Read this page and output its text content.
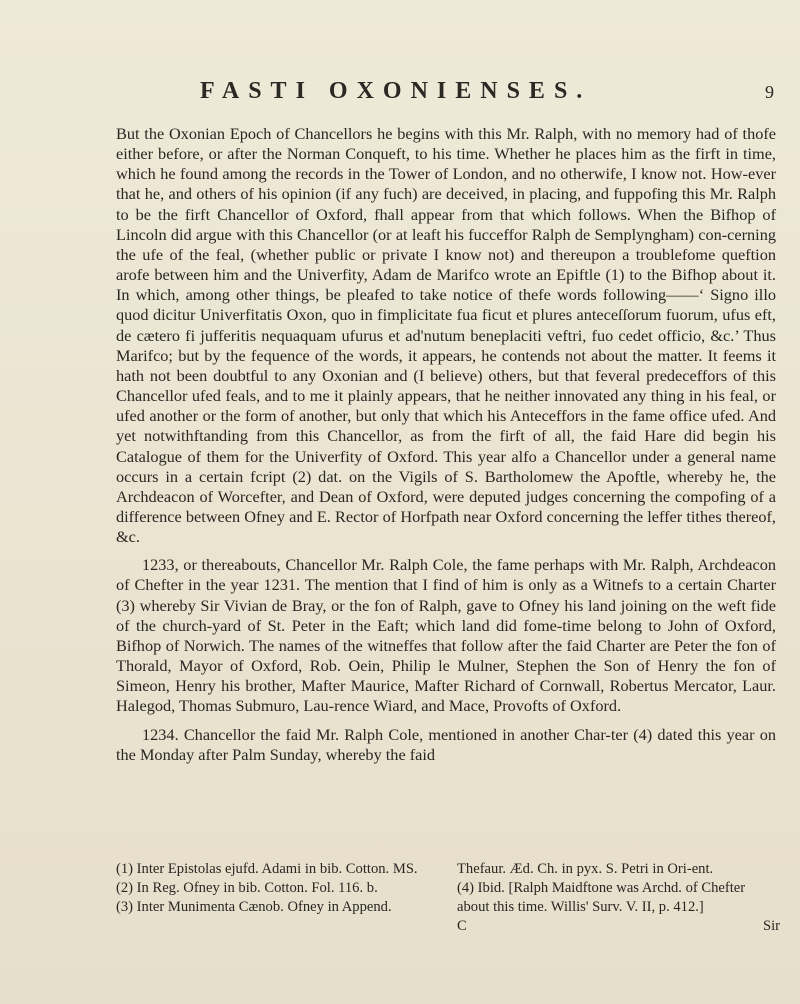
FASTI OXONIENSES.	9

But the Oxonian Epoch of Chancellors he begins with this Mr. Ralph, with no memory had of thofe either before, or after the Norman Conqueft, to his time. Whether he places him as the firft in time, which he found among the records in the Tower of London, and no otherwife, I know not. How-ever that he, and others of his opinion (if any fuch) are deceived, in placing, and fuppofing this Mr. Ralph to be the firft Chancellor of Oxford, fhall appear from that which follows. When the Bifhop of Lincoln did argue with this Chancellor (or at leaft his fucceffor Ralph de Semplyngham) con-cerning the ufe of the feal, (whether public or private I know not) and thereupon a troublefome queftion arofe between him and the Univerfity, Adam de Marifco wrote an Epiftle (1) to the Bifhop about it. In which, among other things, be pleafed to take notice of thefe words following——‘ Signo illo quod dicitur Univerfitatis Oxon, quo in fimplicitate fua ficut et plures anteceſſorum fuorum, ufus eft, de cætero fi jufferitis nequaquam ufurus et ad'nutum beneplaciti veftri, fuo cedet officio, &c.’ Thus Marifco; but by the fequence of the words, it appears, he contends not about the matter. It feems it hath not been doubtful to any Oxonian and (I believe) others, but that feveral predeceffors of this Chancellor ufed feals, and to me it plainly appears, that he neither innovated any thing in his feal, or ufed another or the form of another, but only that which his Anteceffors in the fame office ufed. And yet notwithftanding from this Chancellor, as from the firft of all, the faid Hare did begin his Catalogue of them for the Univerfity of Oxford. This year alfo a Chancellor under a general name occurs in a certain fcript (2) dat. on the Vigils of S. Bartholomew the Apoftle, whereby he, the Archdeacon of Worcefter, and Dean of Oxford, were deputed judges concerning the compofing of a difference between Ofney and E. Rector of Horfpath near Oxford concerning the leffer tithes thereof, &c.

1233, or thereabouts, Chancellor Mr. Ralph Cole, the fame perhaps with Mr. Ralph, Archdeacon of Chefter in the year 1231. The mention that I find of him is only as a Witnefs to a certain Charter (3) whereby Sir Vivian de Bray, or the fon of Ralph, gave to Ofney his land joining on the weft fide of the church-yard of St. Peter in the Eaft; which land did fome-time belong to John of Oxford, Bifhop of Norwich. The names of the witneffes that follow after the faid Charter are Peter the fon of Thorald, Mayor of Oxford, Rob. Oein, Philip le Mulner, Stephen the Son of Henry the fon of Simeon, Henry his brother, Mafter Maurice, Mafter Richard of Cornwall, Robertus Mercator, Laur. Halegod, Thomas Submuro, Lau-rence Wiard, and Mace, Provofts of Oxford.

1234. Chancellor the faid Mr. Ralph Cole, mentioned in another Char-ter (4) dated this year on the Monday after Palm Sunday, whereby the faid

(1) Inter Epistolas ejufd. Adami in bib. Cotton. MS.

(2) In Reg. Ofney in bib. Cotton. Fol. 116. b.

(3) Inter Munimenta Cænob. Ofney in Append.

Thefaur. Æd. Ch. in pyx. S. Petri in Ori-ent.

(4) Ibid. [Ralph Maidftone was Archd. of Chefter about this time. Willis' Surv. V. II, p. 412.]

C	Sir
